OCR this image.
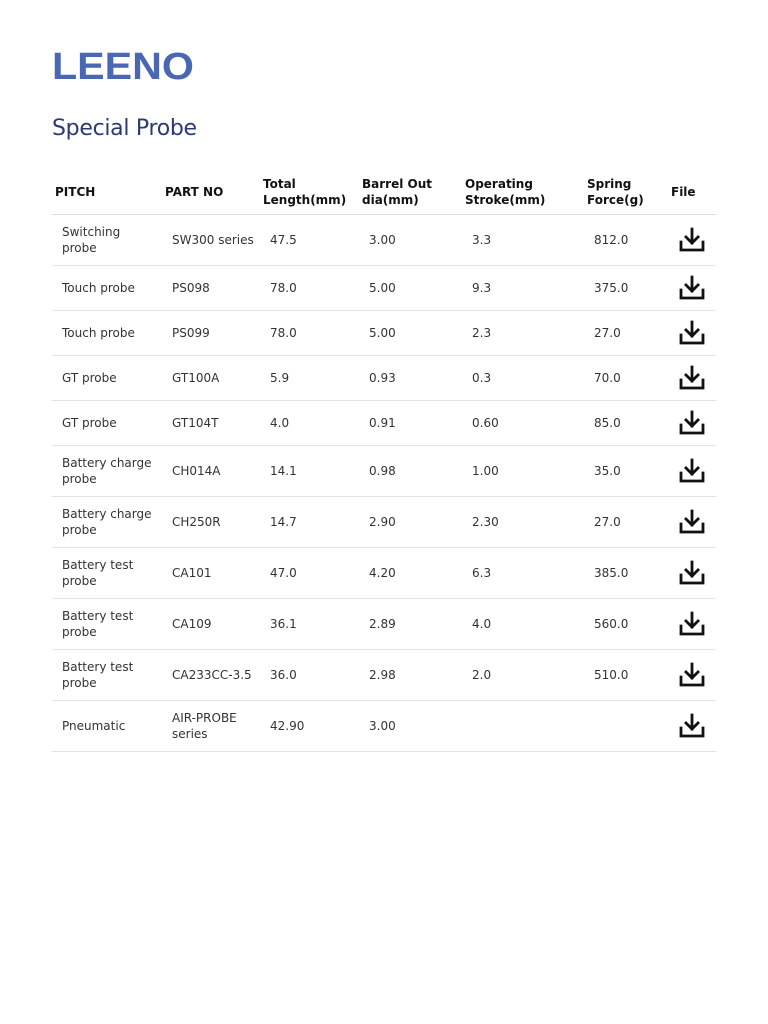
LEENO
Special Probe
PITCH	PART NO	Total Length(mm)	Barrel Out dia(mm)	Operating Stroke(mm)	Spring Force(g)	File
Switching probe	SW300 series	47.5	3.00	3.3	812.0	

Touch probe	PS098	78.0	5.00	9.3	375.0	

Touch probe	PS099	78.0	5.00	2.3	27.0	

GT probe	GT100A	5.9	0.93	0.3	70.0	

GT probe	GT104T	4.0	0.91	0.60	85.0	

Battery charge probe	CH014A	14.1	0.98	1.00	35.0	

Battery charge probe	CH250R	14.7	2.90	2.30	27.0	

Battery test probe	CA101	47.0	4.20	6.3	385.0	

Battery test probe	CA109	36.1	2.89	4.0	560.0	

Battery test probe	CA233CC-3.5	36.0	2.98	2.0	510.0	

Pneumatic	AIR-PROBE series	42.90	3.00			
